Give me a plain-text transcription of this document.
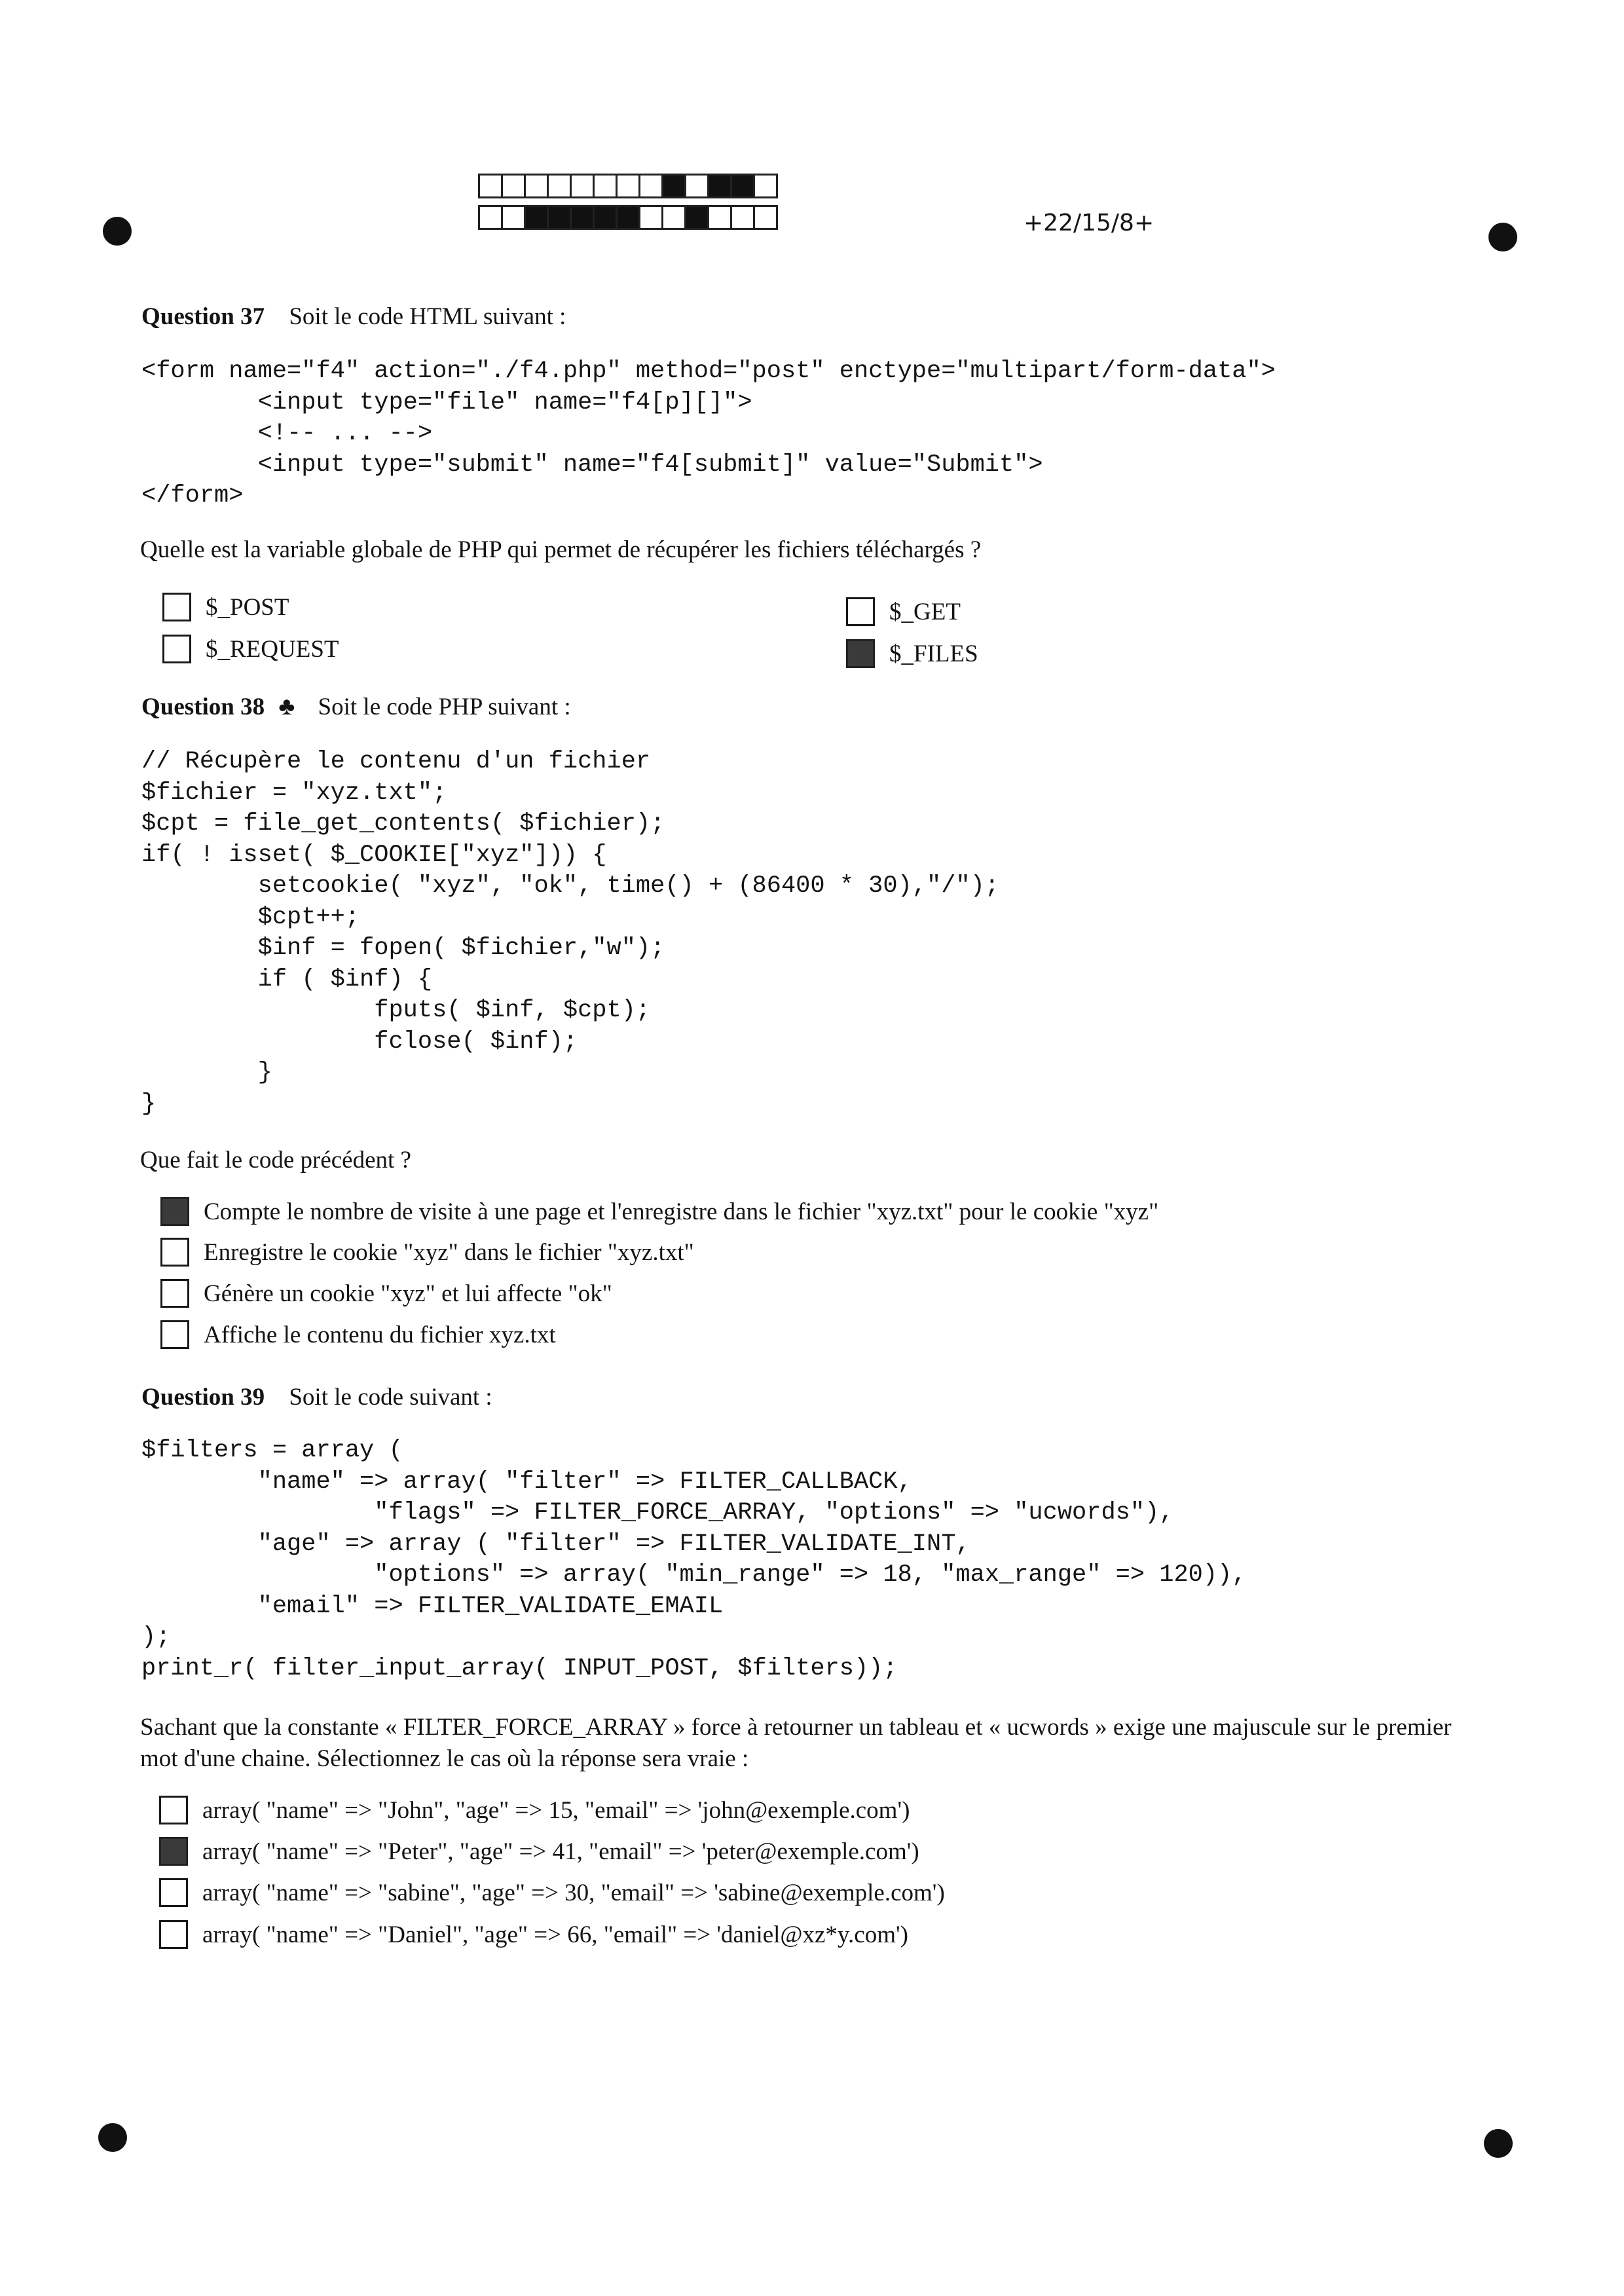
+22/15/8+
Question 37 Soit le code HTML suivant :
<form name="f4" action="./f4.php" method="post" enctype="multipart/form-data">
<input type="file" name="f4[p][]">
<!-- ... -->
<input type="submit" name="f4[submit]" value="Submit">
</form>
Quelle est la variable globale de PHP qui permet de récupérer les fichiers téléchargés ?
$_POST	$_GET
$_REQUEST	$_FILES
Question 38 ♣ Soit le code PHP suivant :
// Récupère le contenu d'un fichier
$fichier = "xyz.txt";
$cpt = file_get_contents( $fichier);
if( ! isset( $_COOKIE["xyz"])) {
setcookie( "xyz", "ok", time() + (86400 * 30),"/");
$cpt++;
$inf = fopen( $fichier,"w");
if ( $inf) {
fputs( $inf, $cpt);
fclose( $inf);
}
}
Que fait le code précédent ?
Compte le nombre de visite à une page et l'enregistre dans le fichier "xyz.txt" pour le cookie "xyz"
Enregistre le cookie "xyz" dans le fichier "xyz.txt"
Génère un cookie "xyz" et lui affecte "ok"
Affiche le contenu du fichier xyz.txt
Question 39 Soit le code suivant :
$filters = array (
"name" => array( "filter" => FILTER_CALLBACK,
"flags" => FILTER_FORCE_ARRAY, "options" => "ucwords"),
"age" => array ( "filter" => FILTER_VALIDATE_INT,
"options" => array( "min_range" => 18, "max_range" => 120)),
"email" => FILTER_VALIDATE_EMAIL
);
print_r( filter_input_array( INPUT_POST, $filters));
Sachant que la constante « FILTER_FORCE_ARRAY » force à retourner un tableau et « ucwords » exige une majuscule sur le premier mot d'une chaine. Sélectionnez le cas où la réponse sera vraie :
array( "name" => "John", "age" => 15, "email" => 'john@exemple.com')
array( "name" => "Peter", "age" => 41, "email" => 'peter@exemple.com')
array( "name" => "sabine", "age" => 30, "email" => 'sabine@exemple.com')
array( "name" => "Daniel", "age" => 66, "email" => 'daniel@xz*y.com')
